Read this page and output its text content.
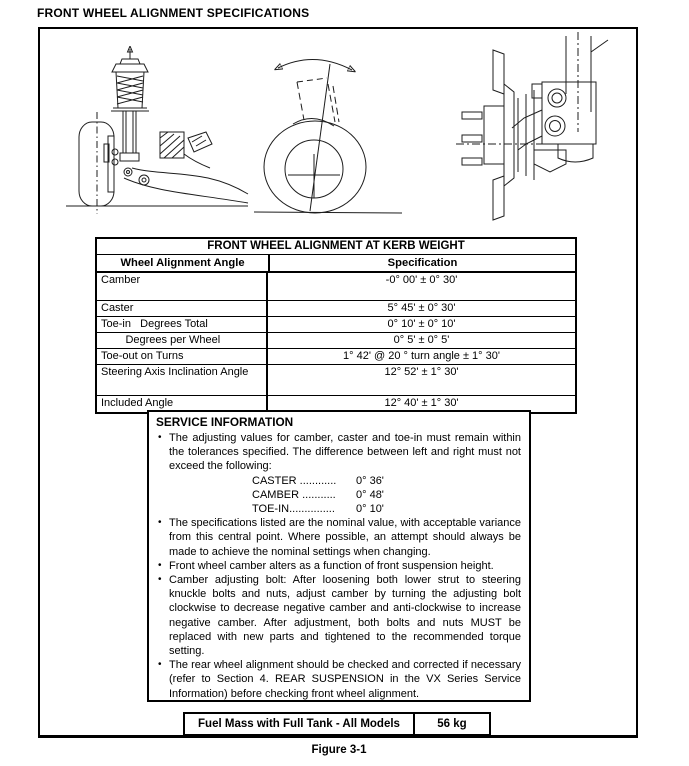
FRONT WHEEL ALIGNMENT SPECIFICATIONS
FRONT WHEEL ALIGNMENT AT KERB WEIGHT
Wheel Alignment Angle	Specification
Camber	-0° 00' ± 0° 30'
Caster	5° 45' ± 0° 30'
Toe-in   Degrees Total	0° 10' ± 0° 10'
Degrees per Wheel	0° 5' ± 0° 5'
Toe-out on Turns	1° 42' @ 20 ° turn angle ± 1° 30'
Steering Axis Inclination Angle	12° 52' ± 1° 30'
Included Angle	12° 40' ± 1° 30'
SERVICE INFORMATION
• The adjusting values for camber, caster and toe-in must remain within the tolerances specified. The difference between left and right must not exceed the following:
CASTER ............	0° 36'
CAMBER ...........	0° 48'
TOE-IN...............	0° 10'
• The specifications listed are the nominal value, with acceptable variance from this central point. Where possible, an attempt should always be made to achieve the nominal settings when changing.
• Front wheel camber alters as a function of front suspension height.
• Camber adjusting bolt: After loosening both lower strut to steering knuckle bolts and nuts, adjust camber by turning the adjusting bolt clockwise to decrease negative camber and anti-clockwise to increase negative camber. After adjustment, both bolts and nuts MUST be replaced with new parts and tightened to the recommended torque setting.
• The rear wheel alignment should be checked and corrected if necessary (refer to Section 4. REAR SUSPENSION in the VX Series Service Information) before checking front wheel alignment.
Fuel Mass with Full Tank - All Models	56 kg
Figure 3-1
